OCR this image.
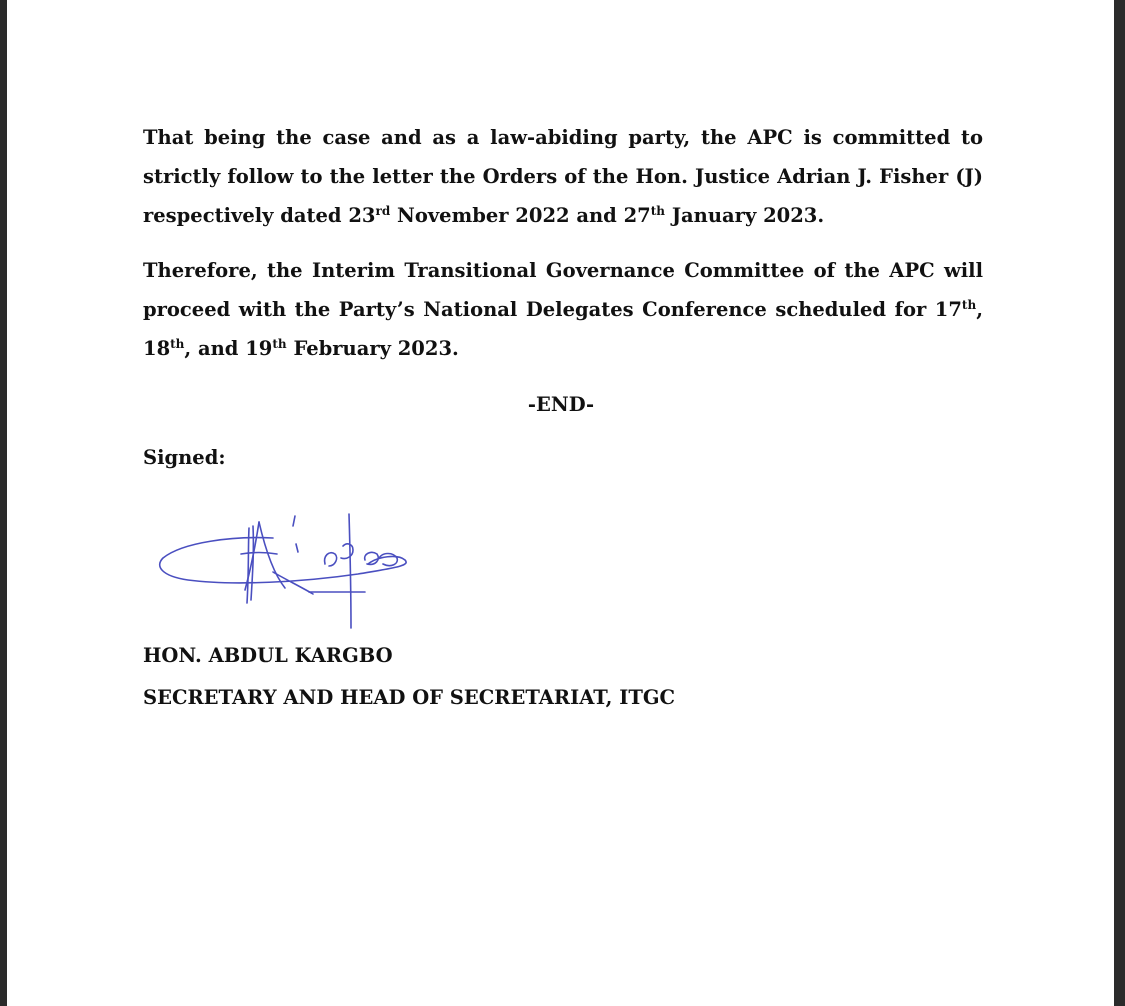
That being the case and as a law-abiding party, the APC is committed to strictly follow to the letter the Orders of the Hon. Justice Adrian J. Fisher (J) respectively dated 23rd November 2022 and 27th January 2023.

Therefore, the Interim Transitional Governance Committee of the APC will proceed with the Party’s National Delegates Conference scheduled for 17th, 18th, and 19th February 2023.

-END-

Signed:

HON. ABDUL KARGBO

SECRETARY AND HEAD OF SECRETARIAT, ITGC
